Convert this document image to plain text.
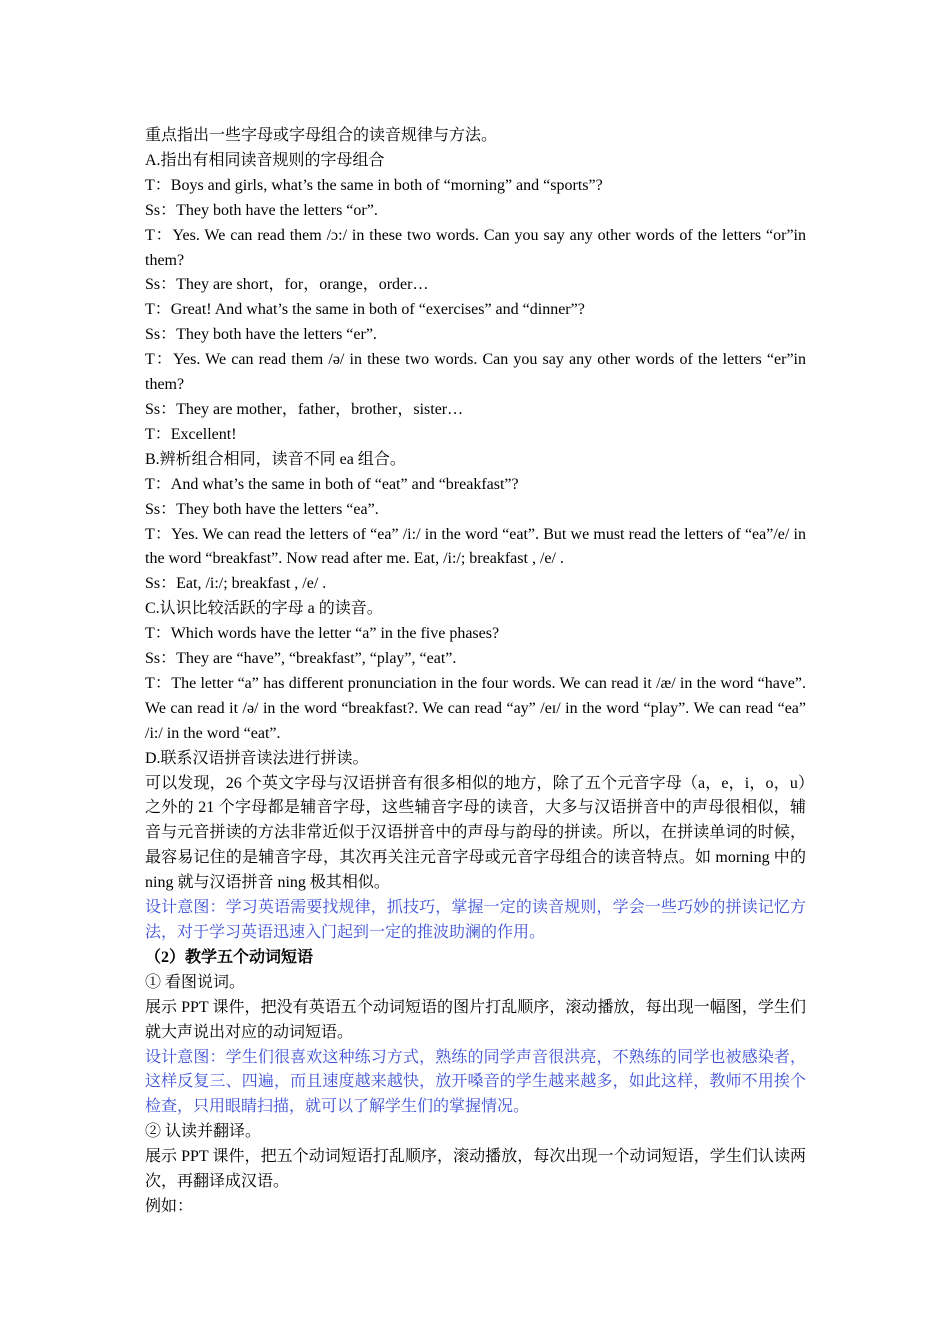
重点指出一些字母或字母组合的读音规律与方法。

A.指出有相同读音规则的字母组合

T：Boys and girls, what’s the same in both of “morning” and “sports”?

Ss：They both have the letters “or”.

T：Yes. We can read them /ɔ:/ in these two words. Can you say any other words of the letters “or”in them?

Ss：They are short，for，orange，order…

T：Great! And what’s the same in both of “exercises” and “dinner”?

Ss：They both have the letters “er”.

T：Yes. We can read them /ə/ in these two words. Can you say any other words of the letters “er”in them?

Ss：They are mother，father，brother，sister…

T：Excellent!

B.辨析组合相同，读音不同 ea 组合。

T：And what’s the same in both of “eat” and “breakfast”?

Ss：They both have the letters “ea”.

T：Yes. We can read the letters of “ea” /i:/ in the word “eat”. But we must read the letters of “ea”/e/ in the word “breakfast”. Now read after me. Eat, /i:/; breakfast , /e/ .

Ss：Eat, /i:/; breakfast , /e/ .

C.认识比较活跃的字母 a 的读音。

T：Which words have the letter “a” in the five phases?

Ss：They are “have”, “breakfast”, “play”, “eat”.

T：The letter “a” has different pronunciation in the four words. We can read it /æ/ in the word “have”. We can read it /ə/ in the word “breakfast?. We can read “ay” /eɪ/ in the word “play”. We can read “ea” /i:/ in the word “eat”.

D.联系汉语拼音读法进行拼读。

可以发现，26 个英文字母与汉语拼音有很多相似的地方，除了五个元音字母（a，e，i，o，u）之外的 21 个字母都是辅音字母，这些辅音字母的读音，大多与汉语拼音中的声母很相似，辅音与元音拼读的方法非常近似于汉语拼音中的声母与韵母的拼读。所以，在拼读单词的时候，最容易记住的是辅音字母，其次再关注元音字母或元音字母组合的读音特点。如 morning 中的 ning 就与汉语拼音 ning 极其相似。

设计意图：学习英语需要找规律，抓技巧，掌握一定的读音规则，学会一些巧妙的拼读记忆方法，对于学习英语迅速入门起到一定的推波助澜的作用。

（2）教学五个动词短语

① 看图说词。

展示 PPT 课件，把没有英语五个动词短语的图片打乱顺序，滚动播放，每出现一幅图，学生们就大声说出对应的动词短语。

设计意图：学生们很喜欢这种练习方式，熟练的同学声音很洪亮，不熟练的同学也被感染者，这样反复三、四遍，而且速度越来越快，放开嗓音的学生越来越多，如此这样，教师不用挨个检查，只用眼睛扫描，就可以了解学生们的掌握情况。

② 认读并翻译。

展示 PPT 课件，把五个动词短语打乱顺序，滚动播放，每次出现一个动词短语，学生们认读两次，再翻译成汉语。

例如：
